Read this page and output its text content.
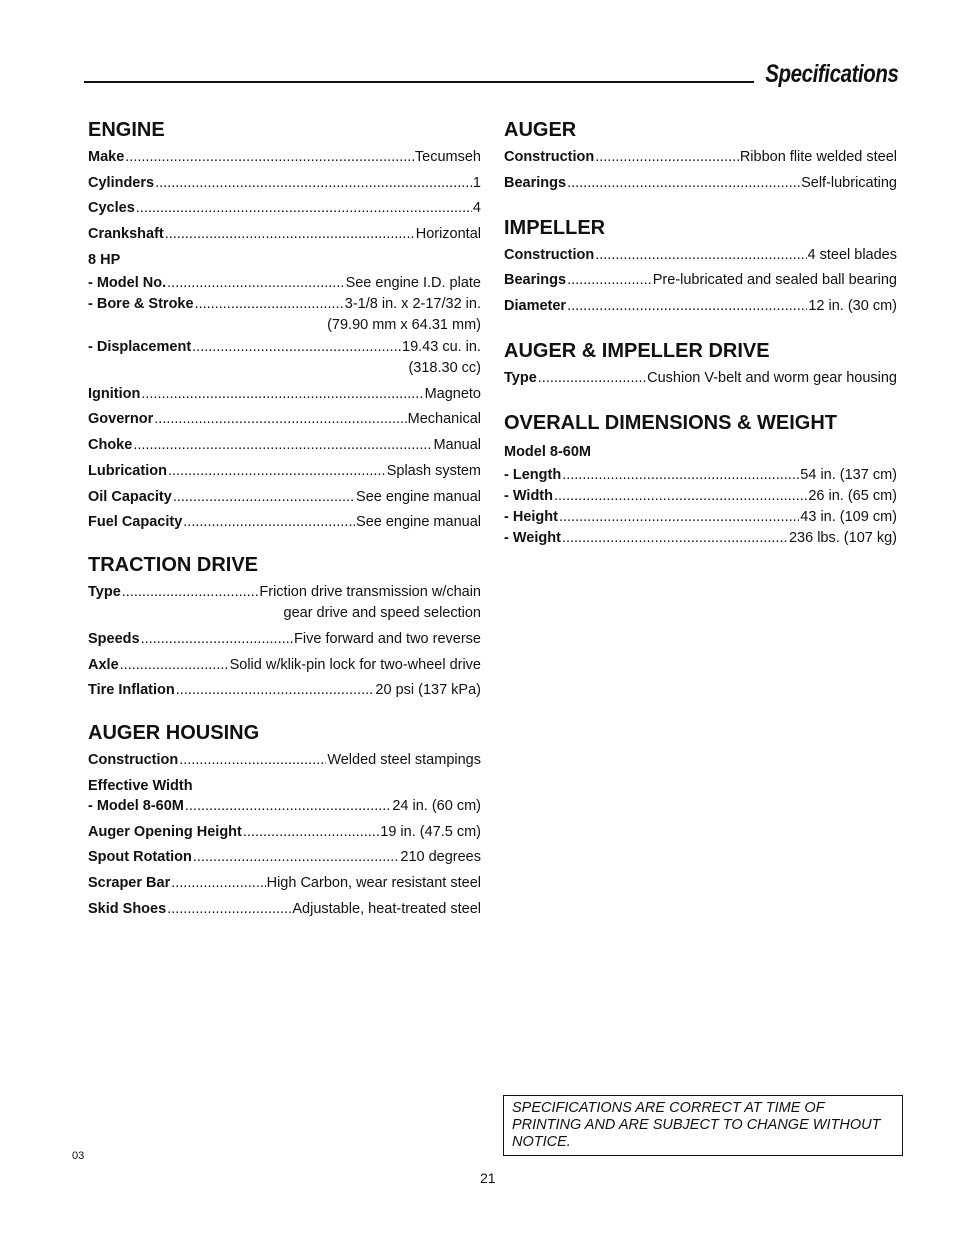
Specifications
ENGINE
Make .....	Tecumseh
Cylinders .....	1
Cycles .....	4
Crankshaft .....	Horizontal
8 HP
- Model No. .....	See engine I.D. plate
- Bore & Stroke .....	3-1/8 in. x 2-17/32 in.
(79.90 mm x 64.31 mm)
- Displacement .....	19.43 cu. in.
(318.30 cc)
Ignition .....	Magneto
Governor .....	Mechanical
Choke .....	Manual
Lubrication .....	Splash system
Oil Capacity .....	See engine manual
Fuel Capacity .....	See engine manual
TRACTION DRIVE
Type .....	Friction drive transmission w/chain
gear drive and speed selection
Speeds .....	Five forward and two reverse
Axle .....	Solid w/klik-pin lock for two-wheel drive
Tire Inflation .....	20 psi (137 kPa)
AUGER HOUSING
Construction .....	Welded steel stampings
Effective Width
- Model 8-60M .....	24 in. (60 cm)
Auger Opening Height .....	19 in. (47.5 cm)
Spout Rotation .....	210 degrees
Scraper Bar .....	High Carbon, wear resistant steel
Skid Shoes .....	Adjustable, heat-treated steel
AUGER
Construction .....	Ribbon flite welded steel
Bearings .....	Self-lubricating
IMPELLER
Construction .....	4 steel blades
Bearings .....	Pre-lubricated and sealed ball bearing
Diameter .....	12 in. (30 cm)
AUGER & IMPELLER DRIVE
Type .....	Cushion V-belt and worm gear housing
OVERALL DIMENSIONS & WEIGHT
Model 8-60M
- Length .....	54 in. (137 cm)
- Width .....	26 in. (65 cm)
- Height .....	43 in. (109 cm)
- Weight .....	236 lbs. (107 kg)
SPECIFICATIONS ARE CORRECT AT TIME OF PRINTING AND ARE SUBJECT TO CHANGE WITHOUT NOTICE.
03
21
